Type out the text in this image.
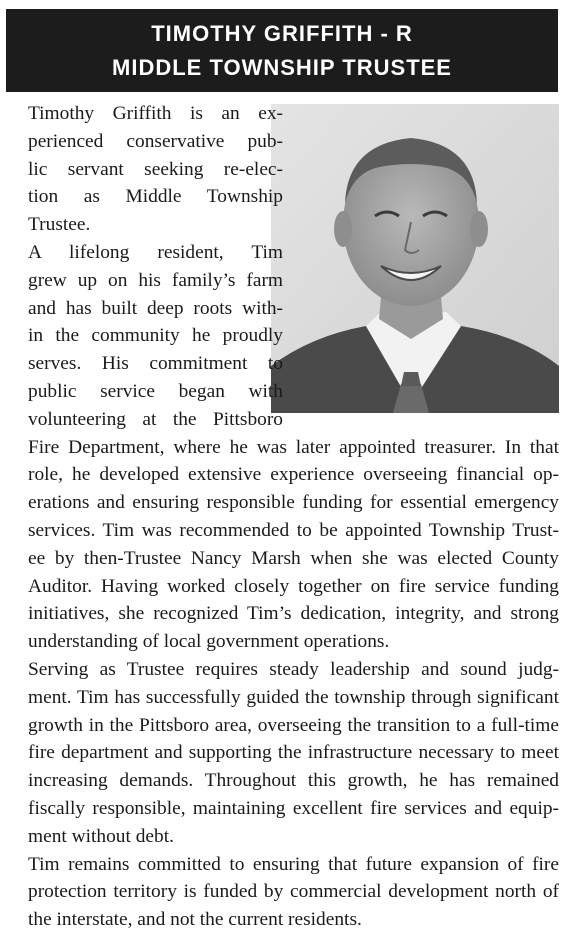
TIMOTHY GRIFFITH - R
MIDDLE TOWNSHIP TRUSTEE
Timothy Griffith is an ex-
perienced conservative pub-
lic servant seeking re-elec-
tion as Middle Township
Trustee.
A lifelong resident, Tim
grew up on his family’s farm
and has built deep roots with-
in the community he proudly
serves. His commitment to
public service began with
volunteering at the Pittsboro
Fire Department, where he was later appointed treasurer. In that
role, he developed extensive experience overseeing financial op-
erations and ensuring responsible funding for essential emergency
services. Tim was recommended to be appointed Township Trust-
ee by then-Trustee Nancy Marsh when she was elected County
Auditor. Having worked closely together on fire service funding
initiatives, she recognized Tim’s dedication, integrity, and strong
understanding of local government operations.
Serving as Trustee requires steady leadership and sound judg-
ment. Tim has successfully guided the township through significant
growth in the Pittsboro area, overseeing the transition to a full-time
fire department and supporting the infrastructure necessary to meet
increasing demands. Throughout this growth, he has remained
fiscally responsible, maintaining excellent fire services and equip-
ment without debt.
Tim remains committed to ensuring that future expansion of fire
protection territory is funded by commercial development north of
the interstate, and not the current residents.
